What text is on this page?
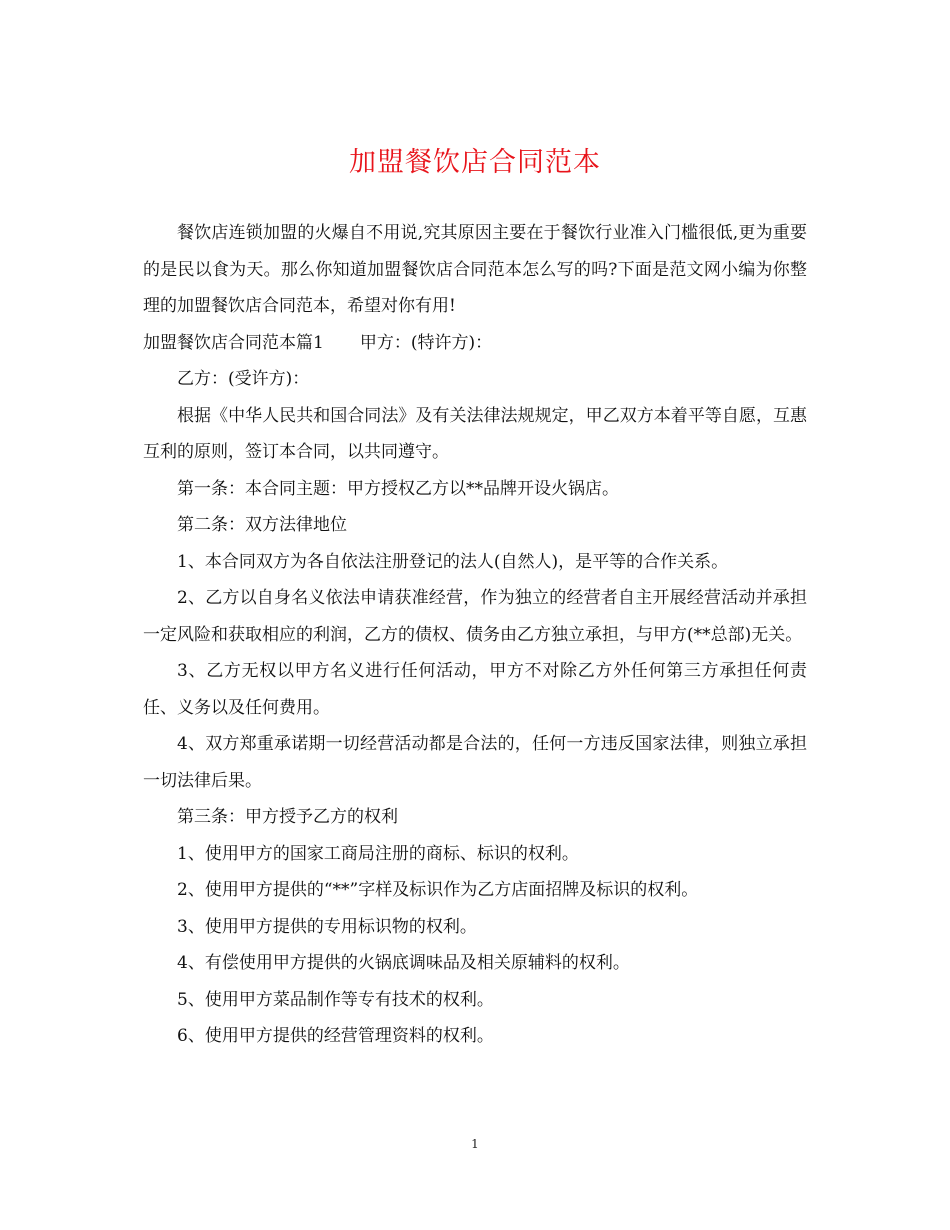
加盟餐饮店合同范本

餐饮店连锁加盟的火爆自不用说,究其原因主要在于餐饮行业准入门槛很低,更为重要的是民以食为天。那么你知道加盟餐饮店合同范本怎么写的吗?下面是范文网小编为你整理的加盟餐饮店合同范本，希望对你有用!

加盟餐饮店合同范本篇1 甲方：(特许方)：

乙方：(受许方)：

根据《中华人民共和国合同法》及有关法律法规规定，甲乙双方本着平等自愿，互惠互利的原则，签订本合同，以共同遵守。

第一条：本合同主题：甲方授权乙方以**品牌开设火锅店。

第二条：双方法律地位

1、本合同双方为各自依法注册登记的法人(自然人)，是平等的合作关系。

2、乙方以自身名义依法申请获准经营，作为独立的经营者自主开展经营活动并承担一定风险和获取相应的利润，乙方的债权、债务由乙方独立承担，与甲方(**总部)无关。

3、乙方无权以甲方名义进行任何活动，甲方不对除乙方外任何第三方承担任何责任、义务以及任何费用。

4、双方郑重承诺期一切经营活动都是合法的，任何一方违反国家法律，则独立承担一切法律后果。

第三条：甲方授予乙方的权利

1、使用甲方的国家工商局注册的商标、标识的权利。

2、使用甲方提供的“**”字样及标识作为乙方店面招牌及标识的权利。

3、使用甲方提供的专用标识物的权利。

4、有偿使用甲方提供的火锅底调味品及相关原辅料的权利。

5、使用甲方菜品制作等专有技术的权利。

6、使用甲方提供的经营管理资料的权利。

1
